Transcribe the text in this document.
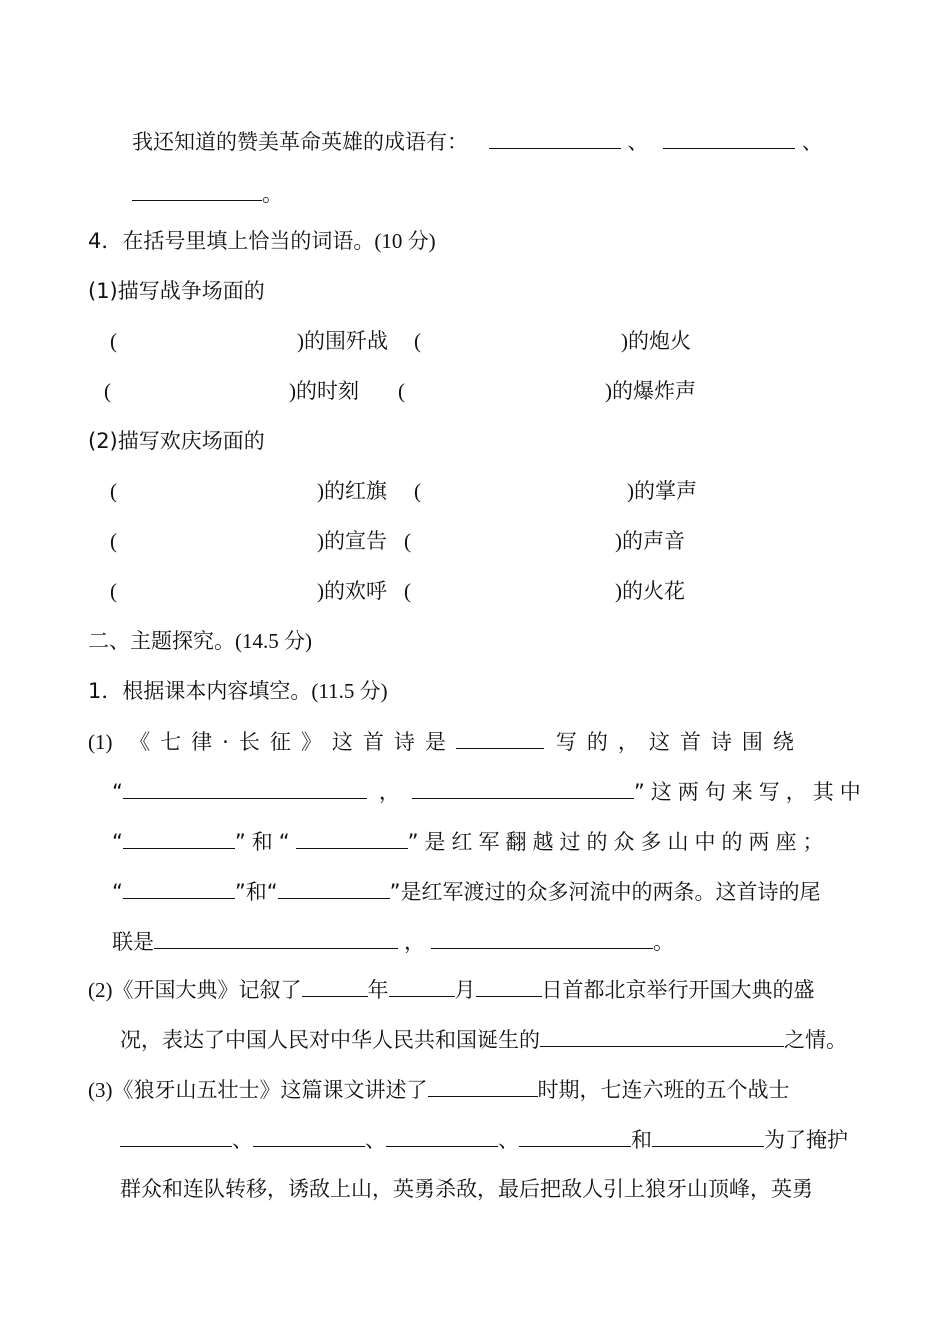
我还知道的赞美革命英雄的成语有：	、	、
。
4．在括号里填上恰当的词语。(10 分)
(1)描写战争场面的
(	)的围歼战 (	)的炮火
(	)的时刻 (	)的爆炸声
(2)描写欢庆场面的
(	)的红旗 (	)的掌声
(	)的宣告 (	)的声音
(	)的欢呼 (	)的火花
二、主题探究。(14.5 分)
1．根据课本内容填空。(11.5 分)
(1) 《七律·长征》这首诗是	写的，这首诗围绕
“	，	”这两句来写，其中
“	”和“	”是红军翻越过的众多山中的两座；
“	”和“	”是红军渡过的众多河流中的两条。这首诗的尾
联是	，	。
(2)《开国大典》记叙了	年	月	日首都北京举行开国大典的盛
况，表达了中国人民对中华人民共和国诞生的	之情。
(3)《狼牙山五壮士》这篇课文讲述了	时期，七连六班的五个战士
、	、	、	和	为了掩护
群众和连队转移，诱敌上山，英勇杀敌，最后把敌人引上狼牙山顶峰，英勇
